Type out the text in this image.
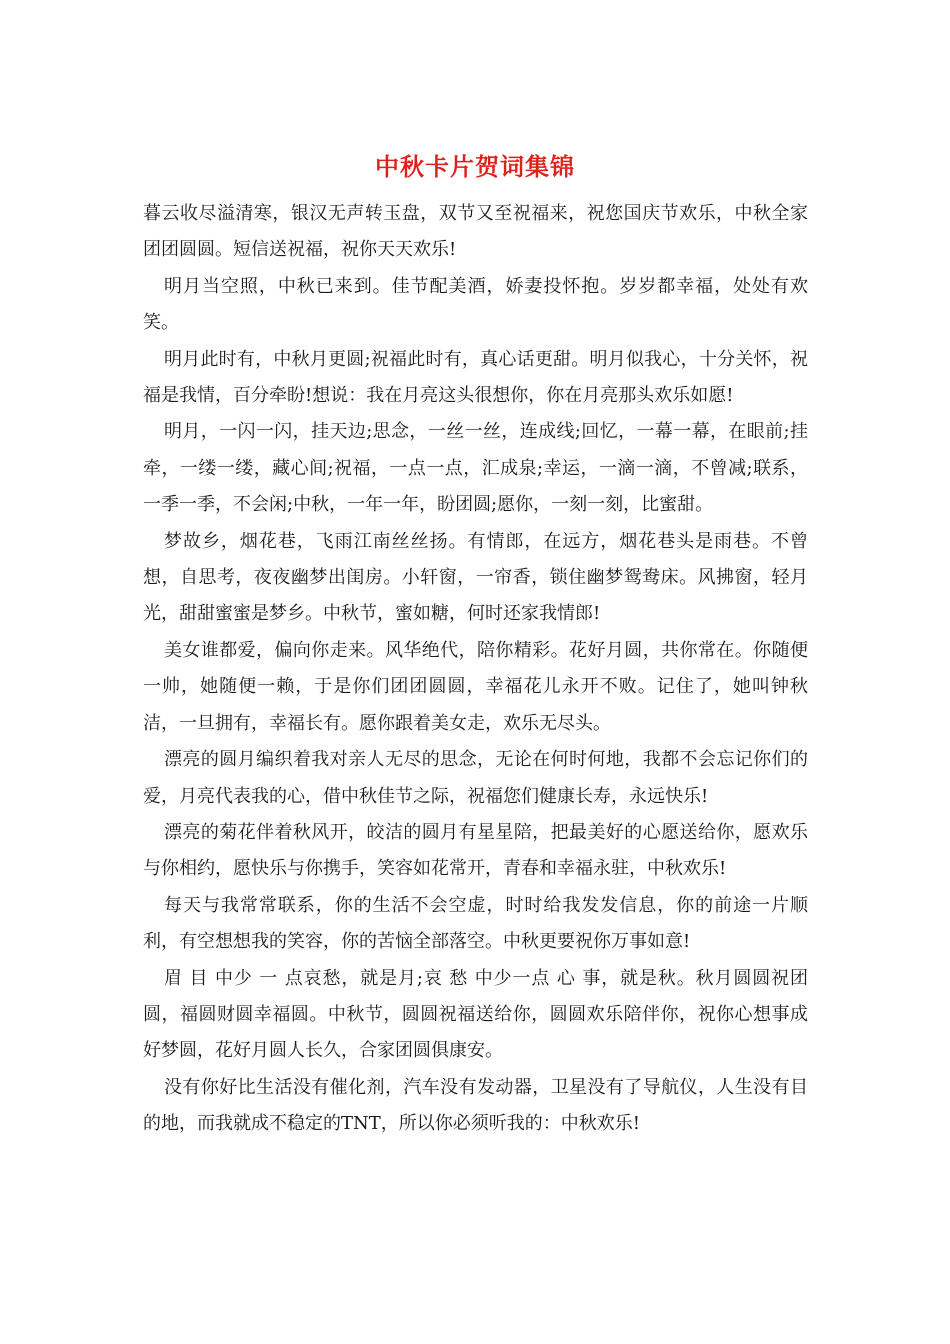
中秋卡片贺词集锦

暮云收尽溢清寒，银汉无声转玉盘，双节又至祝福来，祝您国庆节欢乐，中秋全家团团圆圆。短信送祝福，祝你天天欢乐!

明月当空照，中秋已来到。佳节配美酒，娇妻投怀抱。岁岁都幸福，处处有欢笑。

明月此时有，中秋月更圆;祝福此时有，真心话更甜。明月似我心，十分关怀，祝福是我情，百分牵盼!想说：我在月亮这头很想你，你在月亮那头欢乐如愿!

明月，一闪一闪，挂天边;思念，一丝一丝，连成线;回忆，一幕一幕，在眼前;挂牵，一缕一缕，藏心间;祝福，一点一点，汇成泉;幸运，一滴一滴，不曾减;联系，一季一季，不会闲;中秋，一年一年，盼团圆;愿你，一刻一刻，比蜜甜。

梦故乡，烟花巷，飞雨江南丝丝扬。有情郎，在远方，烟花巷头是雨巷。不曾想，自思考，夜夜幽梦出闺房。小轩窗，一帘香，锁住幽梦鸳鸯床。风拂窗，轻月光，甜甜蜜蜜是梦乡。中秋节，蜜如糖，何时还家我情郎!

美女谁都爱，偏向你走来。风华绝代，陪你精彩。花好月圆，共你常在。你随便一帅，她随便一赖，于是你们团团圆圆，幸福花儿永开不败。记住了，她叫钟秋洁，一旦拥有，幸福长有。愿你跟着美女走，欢乐无尽头。

漂亮的圆月编织着我对亲人无尽的思念，无论在何时何地，我都不会忘记你们的爱，月亮代表我的心，借中秋佳节之际，祝福您们健康长寿，永远快乐!

漂亮的菊花伴着秋风开，皎洁的圆月有星星陪，把最美好的心愿送给你，愿欢乐与你相约，愿快乐与你携手，笑容如花常开，青春和幸福永驻，中秋欢乐!

每天与我常常联系，你的生活不会空虚，时时给我发发信息，你的前途一片顺利，有空想想我的笑容，你的苦恼全部落空。中秋更要祝你万事如意!

眉 目 中少 一 点哀愁，就是月;哀 愁 中少一点 心 事，就是秋。秋月圆圆祝团圆，福圆财圆幸福圆。中秋节，圆圆祝福送给你，圆圆欢乐陪伴你，祝你心想事成好梦圆，花好月圆人长久，合家团圆俱康安。

没有你好比生活没有催化剂，汽车没有发动器，卫星没有了导航仪，人生没有目的地，而我就成不稳定的TNT，所以你必须听我的：中秋欢乐!
